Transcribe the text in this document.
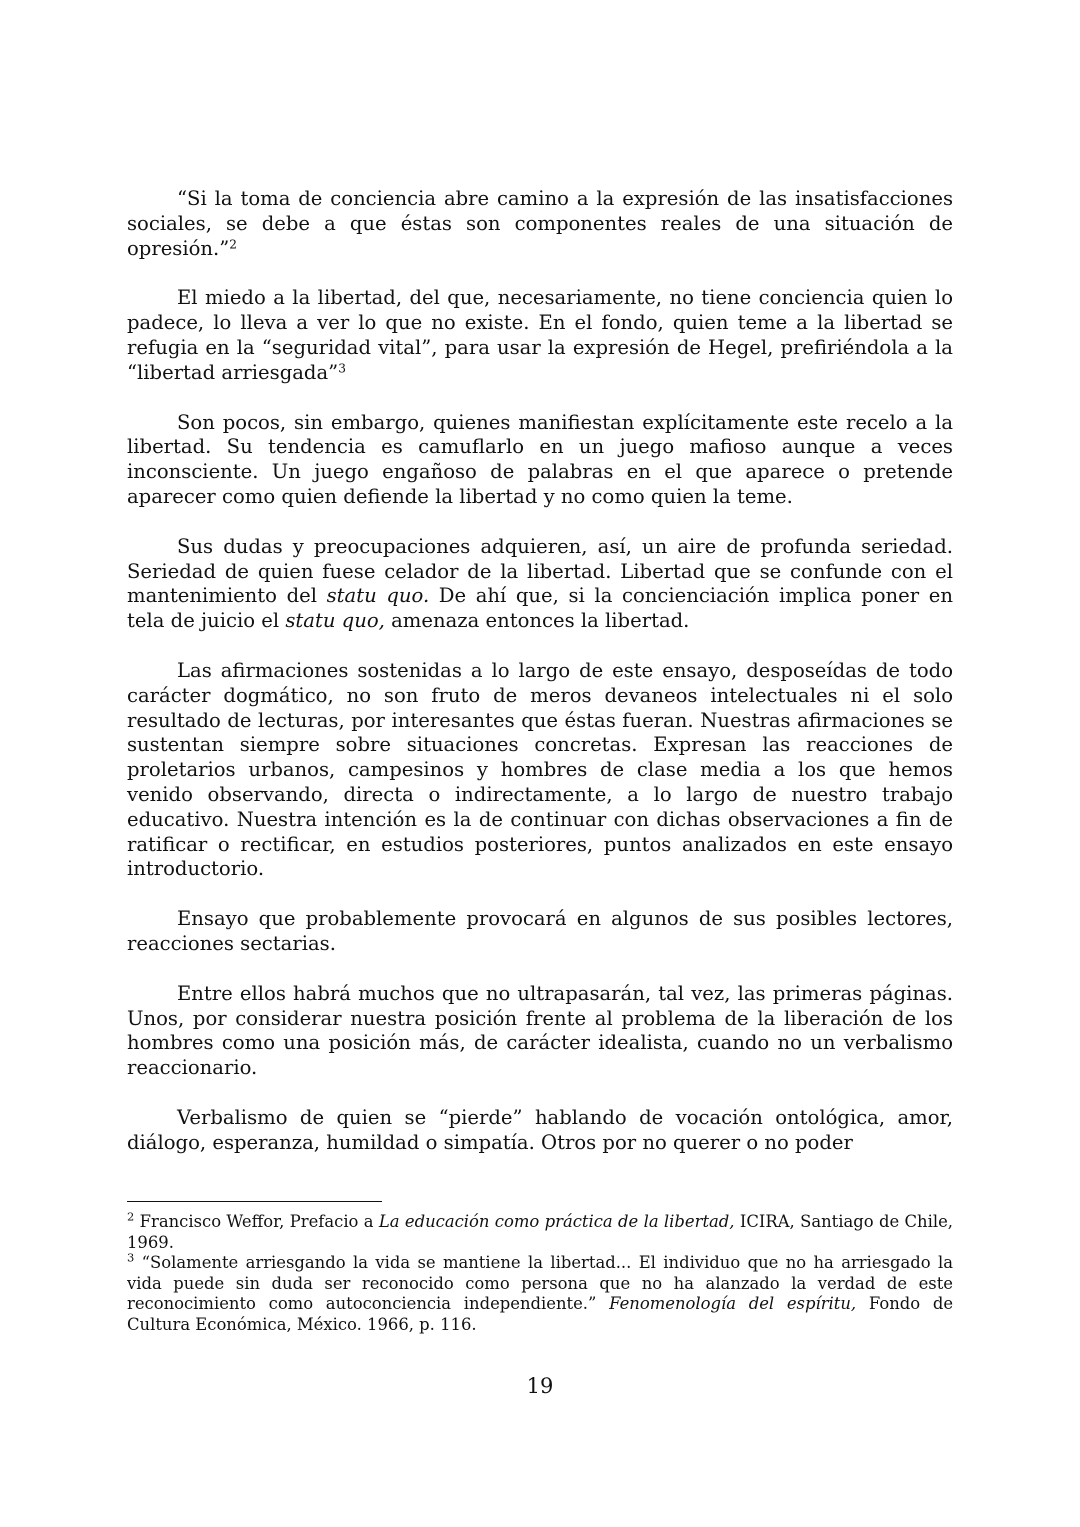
“Si la toma de conciencia abre camino a la expresión de las insatisfacciones sociales, se debe a que éstas son componentes reales de una situación de opresión.”$^2$

El miedo a la libertad, del que, necesariamente, no tiene conciencia quien lo padece, lo lleva a ver lo que no existe. En el fondo, quien teme a la libertad se refugia en la “seguridad vital”, para usar la expresión de Hegel, prefiriéndola a la “libertad arriesgada”$^3$

Son pocos, sin embargo, quienes manifiestan explícitamente este recelo a la libertad. Su tendencia es camuflarlo en un juego mafioso aunque a veces inconsciente. Un juego engañoso de palabras en el que aparece o pretende aparecer como quien defiende la libertad y no como quien la teme.

Sus dudas y preocupaciones adquieren, así, un aire de profunda seriedad. Seriedad de quien fuese celador de la libertad. Libertad que se confunde con el mantenimiento del statu quo. De ahí que, si la concienciación implica poner en tela de juicio el statu quo, amenaza entonces la libertad.

Las afirmaciones sostenidas a lo largo de este ensayo, desposeídas de todo carácter dogmático, no son fruto de meros devaneos intelectuales ni el solo resultado de lecturas, por interesantes que éstas fueran. Nuestras afirmaciones se sustentan siempre sobre situaciones concretas. Expresan las reacciones de proletarios urbanos, campesinos y hombres de clase media a los que hemos venido observando, directa o indirectamente, a lo largo de nuestro trabajo educativo. Nuestra intención es la de continuar con dichas observaciones a fin de ratificar o rectificar, en estudios posteriores, puntos analizados en este ensayo introductorio.

Ensayo que probablemente provocará en algunos de sus posibles lectores, reacciones sectarias.

Entre ellos habrá muchos que no ultrapasarán, tal vez, las primeras páginas. Unos, por considerar nuestra posición frente al problema de la liberación de los hombres como una posición más, de carácter idealista, cuando no un verbalismo reaccionario.

Verbalismo de quien se “pierde” hablando de vocación ontológica, amor, diálogo, esperanza, humildad o simpatía. Otros por no querer o no poder

$^2$ Francisco Weffor, Prefacio a La educación como práctica de la libertad, ICIRA, Santiago de Chile, 1969.

$^3$ “Solamente arriesgando la vida se mantiene la libertad... El individuo que no ha arriesgado la vida puede sin duda ser reconocido como persona que no ha alanzado la verdad de este reconocimiento como autoconciencia independiente.” Fenomenología del espíritu, Fondo de Cultura Económica, México. 1966, p. 116.

19
